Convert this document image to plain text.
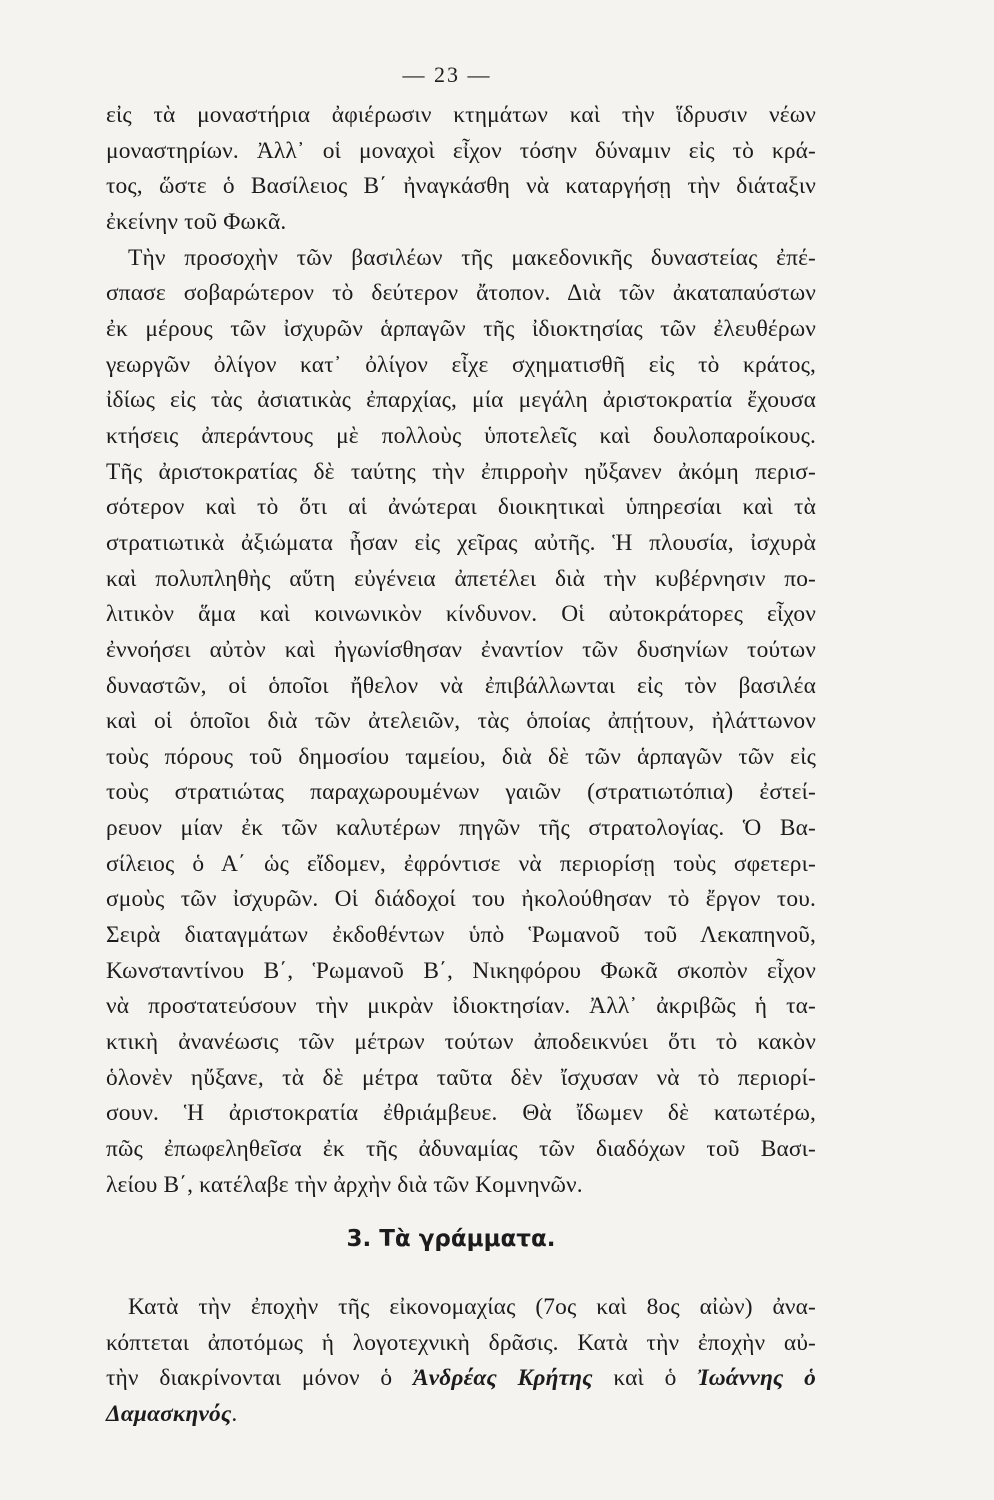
— 23 —
εἰς τὰ μοναστήρια ἀφιέρωσιν κτημάτων καὶ τὴν ἵδρυσιν νέων
μοναστηρίων. Ἀλλ᾽ οἱ μοναχοὶ εἶχον τόσην δύναμιν εἰς τὸ κρά-
τος, ὥστε ὁ Βασίλειος Β΄ ἠναγκάσθη νὰ καταργήσῃ τὴν διάταξιν
ἐκείνην τοῦ Φωκᾶ.
Τὴν προσοχὴν τῶν βασιλέων τῆς μακεδονικῆς δυναστείας ἐπέ-
σπασε σοβαρώτερον τὸ δεύτερον ἄτοπον. Διὰ τῶν ἀκαταπαύστων
ἐκ μέρους τῶν ἰσχυρῶν ἁρπαγῶν τῆς ἰδιοκτησίας τῶν ἐλευθέρων
γεωργῶν ὀλίγον κατ᾽ ὀλίγον εἶχε σχηματισθῆ εἰς τὸ κράτος,
ἰδίως εἰς τὰς ἀσιατικὰς ἐπαρχίας, μία μεγάλη ἀριστοκρατία ἔχουσα
κτήσεις ἀπεράντους μὲ πολλοὺς ὑποτελεῖς καὶ δουλοπαροίκους.
Τῆς ἀριστοκρατίας δὲ ταύτης τὴν ἐπιρροὴν ηὔξανεν ἀκόμη περισ-
σότερον καὶ τὸ ὅτι αἱ ἀνώτεραι διοικητικαὶ ὑπηρεσίαι καὶ τὰ
στρατιωτικὰ ἀξιώματα ἦσαν εἰς χεῖρας αὐτῆς. Ἡ πλουσία, ἰσχυρὰ
καὶ πολυπληθὴς αὕτη εὐγένεια ἀπετέλει διὰ τὴν κυβέρνησιν πο-
λιτικὸν ἅμα καὶ κοινωνικὸν κίνδυνον. Οἱ αὐτοκράτορες εἶχον
ἐννοήσει αὐτὸν καὶ ἠγωνίσθησαν ἐναντίον τῶν δυσηνίων τούτων
δυναστῶν, οἱ ὁποῖοι ἤθελον νὰ ἐπιβάλλωνται εἰς τὸν βασιλέα
καὶ οἱ ὁποῖοι διὰ τῶν ἀτελειῶν, τὰς ὁποίας ἀπῄτουν, ἠλάττωνον
τοὺς πόρους τοῦ δημοσίου ταμείου, διὰ δὲ τῶν ἁρπαγῶν τῶν εἰς
τοὺς στρατιώτας παραχωρουμένων γαιῶν (στρατιωτόπια) ἐστεί-
ρευον μίαν ἐκ τῶν καλυτέρων πηγῶν τῆς στρατολογίας. Ὁ Βα-
σίλειος ὁ Α΄ ὡς εἴδομεν, ἐφρόντισε νὰ περιορίσῃ τοὺς σφετερι-
σμοὺς τῶν ἰσχυρῶν. Οἱ διάδοχοί του ἠκολούθησαν τὸ ἔργον του.
Σειρὰ διαταγμάτων ἐκδοθέντων ὑπὸ Ῥωμανοῦ τοῦ Λεκαπηνοῦ,
Κωνσταντίνου Β΄, Ῥωμανοῦ Β΄, Νικηφόρου Φωκᾶ σκοπὸν εἶχον
νὰ προστατεύσουν τὴν μικρὰν ἰδιοκτησίαν. Ἀλλ᾽ ἀκριβῶς ἡ τα-
κτικὴ ἀνανέωσις τῶν μέτρων τούτων ἀποδεικνύει ὅτι τὸ κακὸν
ὁλονὲν ηὔξανε, τὰ δὲ μέτρα ταῦτα δὲν ἴσχυσαν νὰ τὸ περιορί-
σουν. Ἡ ἀριστοκρατία ἐθριάμβευε. Θὰ ἴδωμεν δὲ κατωτέρω,
πῶς ἐπωφεληθεῖσα ἐκ τῆς ἀδυναμίας τῶν διαδόχων τοῦ Βασι-
λείου Β΄, κατέλαβε τὴν ἀρχὴν διὰ τῶν Κομνηνῶν.
3. Τὰ γράμματα.
Κατὰ τὴν ἐποχὴν τῆς εἰκονομαχίας (7ος καὶ 8ος αἰὼν) ἀνα-
κόπτεται ἀποτόμως ἡ λογοτεχνικὴ δρᾶσις. Κατὰ τὴν ἐποχὴν αὐ-
τὴν διακρίνονται μόνον ὁ Ἀνδρέας Κρήτης καὶ ὁ Ἰωάννης ὁ
Δαμασκηνός.
